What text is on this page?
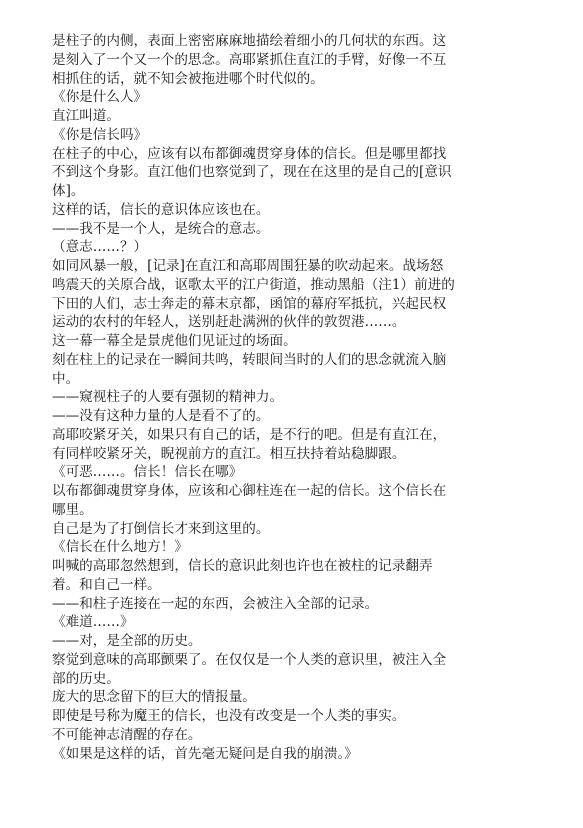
是柱子的内侧，表面上密密麻麻地描绘着细小的几何状的东西。这
是刻入了一个又一个的思念。高耶紧抓住直江的手臂，好像一不互
相抓住的话，就不知会被拖进哪个时代似的。
《你是什么人》
直江叫道。
《你是信长吗》
在柱子的中心，应该有以布都御魂贯穿身体的信长。但是哪里都找
不到这个身影。直江他们也察觉到了，现在在这里的是自己的[意识
体]。
这样的话，信长的意识体应该也在。
——我不是一个人，是统合的意志。
（意志……？）
如同风暴一般，[记录]在直江和高耶周围狂暴的吹动起来。战场怒
鸣震天的关原合战，讴歌太平的江户街道，推动黑船（注1）前进的
下田的人们，志士奔走的幕末京都，函馆的幕府军抵抗，兴起民权
运动的农村的年轻人，送别赶赴满洲的伙伴的敦贺港……。
这一幕一幕全是景虎他们见证过的场面。
刻在柱上的记录在一瞬间共鸣，转眼间当时的人们的思念就流入脑
中。
——窥视柱子的人要有强韧的精神力。
——没有这种力量的人是看不了的。
高耶咬紧牙关，如果只有自己的话，是不行的吧。但是有直江在，
有同样咬紧牙关，睨视前方的直江。相互扶持着站稳脚跟。
《可恶……。信长！信长在哪》
以布都御魂贯穿身体，应该和心御柱连在一起的信长。这个信长在
哪里。
自己是为了打倒信长才来到这里的。
《信长在什么地方！》
叫喊的高耶忽然想到，信长的意识此刻也许也在被柱的记录翻弄
着。和自己一样。
——和柱子连接在一起的东西，会被注入全部的记录。
《难道……》
——对，是全部的历史。
察觉到意味的高耶颤栗了。在仅仅是一个人类的意识里，被注入全
部的历史。
庞大的思念留下的巨大的情报量。
即使是号称为魔王的信长，也没有改变是一个人类的事实。
不可能神志清醒的存在。
《如果是这样的话，首先毫无疑问是自我的崩溃。》
